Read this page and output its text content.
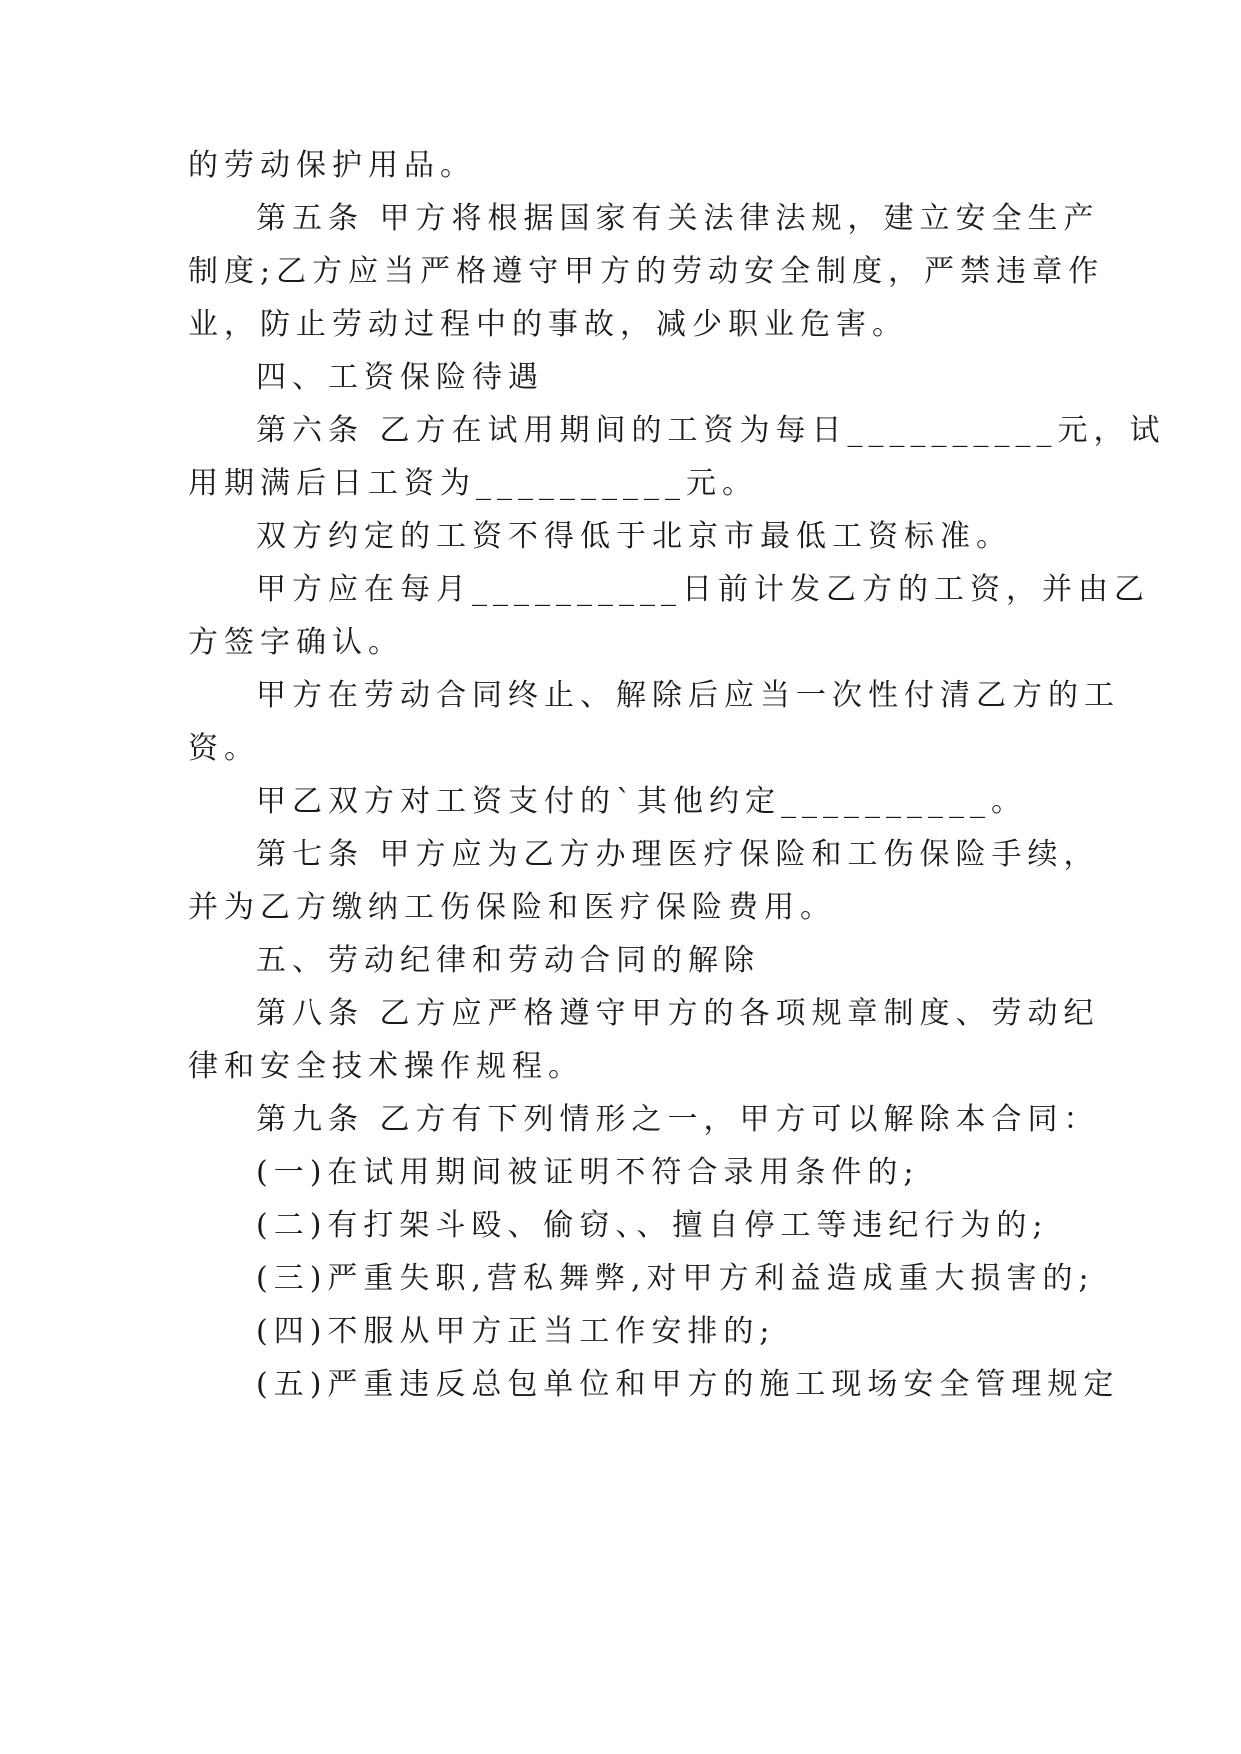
的劳动保护用品。
第五条 甲方将根据国家有关法律法规，建立安全生产
制度;乙方应当严格遵守甲方的劳动安全制度，严禁违章作
业，防止劳动过程中的事故，减少职业危害。
四、工资保险待遇
第六条 乙方在试用期间的工资为每日__________元，试
用期满后日工资为__________元。
双方约定的工资不得低于北京市最低工资标准。
甲方应在每月__________日前计发乙方的工资，并由乙
方签字确认。
甲方在劳动合同终止、解除后应当一次性付清乙方的工
资。
甲乙双方对工资支付的`其他约定__________。
第七条 甲方应为乙方办理医疗保险和工伤保险手续，
并为乙方缴纳工伤保险和医疗保险费用。
五、劳动纪律和劳动合同的解除
第八条 乙方应严格遵守甲方的各项规章制度、劳动纪
律和安全技术操作规程。
第九条 乙方有下列情形之一，甲方可以解除本合同：
(一)在试用期间被证明不符合录用条件的;
(二)有打架斗殴、偷窃、、擅自停工等违纪行为的;
(三)严重失职,营私舞弊,对甲方利益造成重大损害的;
(四)不服从甲方正当工作安排的;
(五)严重违反总包单位和甲方的施工现场安全管理规定
